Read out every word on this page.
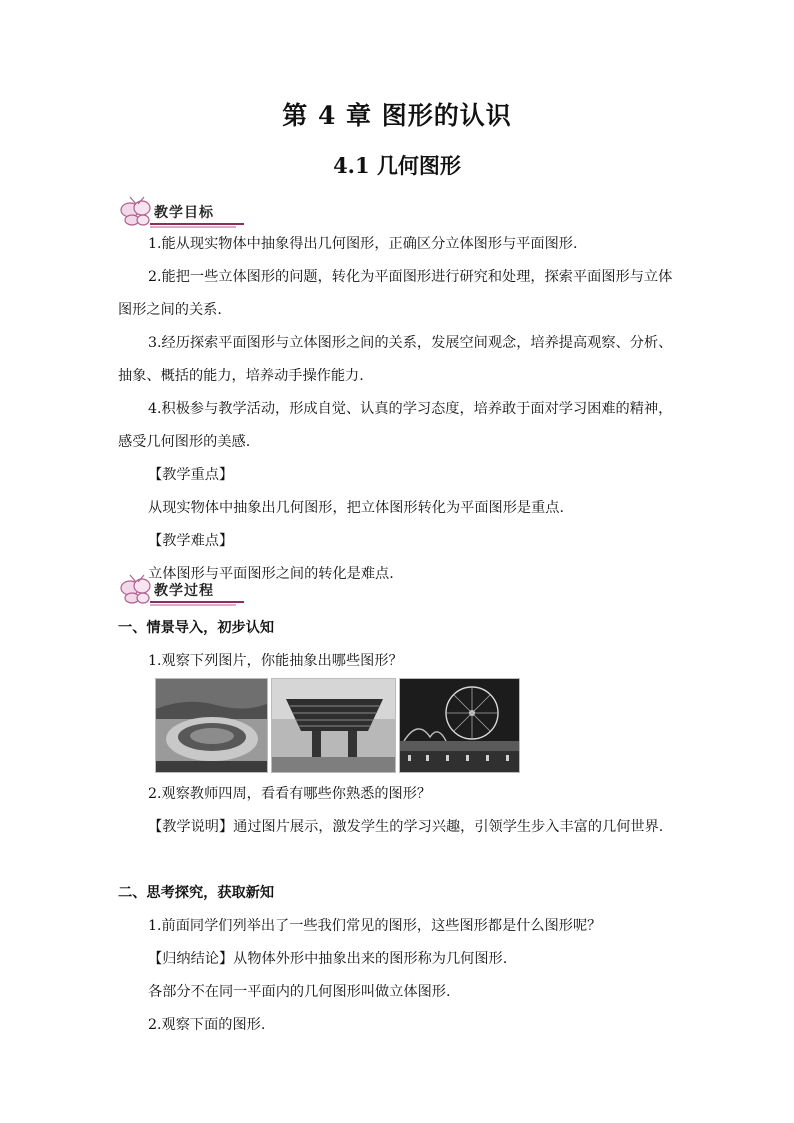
第 4 章 图形的认识
4.1 几何图形
教学目标

1.能从现实物体中抽象得出几何图形，正确区分立体图形与平面图形.

2.能把一些立体图形的问题，转化为平面图形进行研究和处理，探索平面图形与立体图形之间的关系.

3.经历探索平面图形与立体图形之间的关系，发展空间观念，培养提高观察、分析、抽象、概括的能力，培养动手操作能力.

4.积极参与教学活动，形成自觉、认真的学习态度，培养敢于面对学习困难的精神，感受几何图形的美感.

【教学重点】

从现实物体中抽象出几何图形，把立体图形转化为平面图形是重点.

【教学难点】

立体图形与平面图形之间的转化是难点.

教学过程

一、情景导入，初步认知

1.观察下列图片，你能抽象出哪些图形？

2.观察教师四周，看看有哪些你熟悉的图形？

【教学说明】通过图片展示，激发学生的学习兴趣，引领学生步入丰富的几何世界.

二、思考探究，获取新知

1.前面同学们列举出了一些我们常见的图形，这些图形都是什么图形呢？

【归纳结论】从物体外形中抽象出来的图形称为几何图形.

各部分不在同一平面内的几何图形叫做立体图形.

2.观察下面的图形.
